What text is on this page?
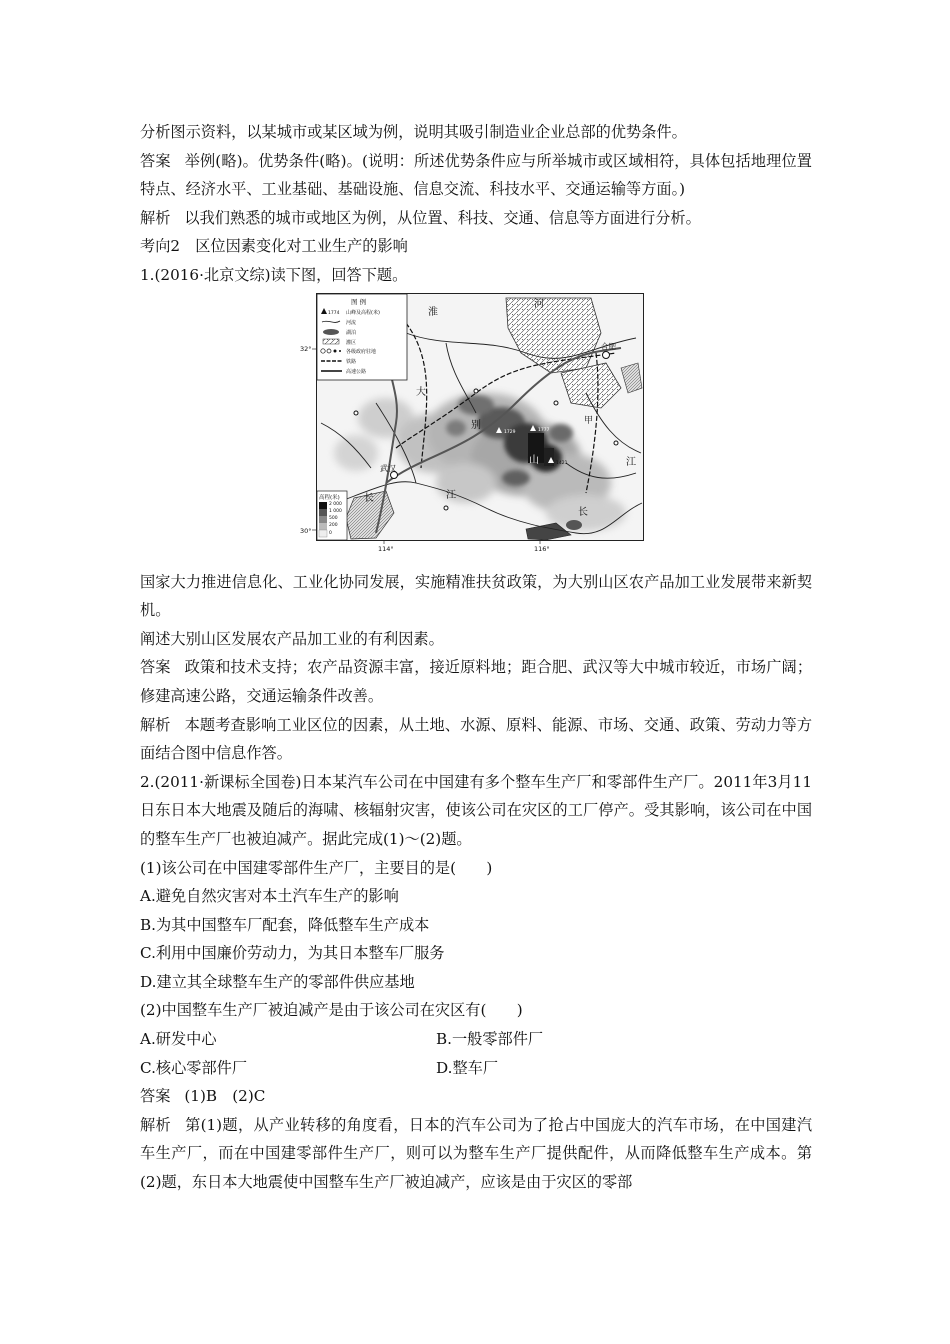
分析图示资料，以某城市或某区域为例，说明其吸引制造业企业总部的优势条件。

答案 举例(略)。优势条件(略)。(说明：所述优势条件应与所举城市或区域相符，具体包括地理位置特点、经济水平、工业基础、基础设施、信息交流、科技水平、交通运输等方面。)

解析 以我们熟悉的城市或地区为例，从位置、科技、交通、信息等方面进行分析。

考向2　区位因素变化对工业生产的影响

1.(2016·北京文综)读下图，回答下题。

图 例
1774 山峰及高程(米)
河流
湖泊
灌区
各级政府驻地
铁路
高速公路
高程(米)
2 000
1 000
500
200
0
32°
30°
114°	116°
淮
河
合肥
大
别
山
武汉
长	江
长
江
甲
1729	1777
1421

国家大力推进信息化、工业化协同发展，实施精准扶贫政策，为大别山区农产品加工业发展带来新契机。

阐述大别山区发展农产品加工业的有利因素。

答案 政策和技术支持；农产品资源丰富，接近原料地；距合肥、武汉等大中城市较近，市场广阔；修建高速公路，交通运输条件改善。

解析 本题考查影响工业区位的因素，从土地、水源、原料、能源、市场、交通、政策、劳动力等方面结合图中信息作答。

2.(2011·新课标全国卷)日本某汽车公司在中国建有多个整车生产厂和零部件生产厂。2011年3月11日东日本大地震及随后的海啸、核辐射灾害，使该公司在灾区的工厂停产。受其影响，该公司在中国的整车生产厂也被迫减产。据此完成(1)～(2)题。

(1)该公司在中国建零部件生产厂，主要目的是(　　)

A.避免自然灾害对本土汽车生产的影响

B.为其中国整车厂配套，降低整车生产成本

C.利用中国廉价劳动力，为其日本整车厂服务

D.建立其全球整车生产的零部件供应基地

(2)中国整车生产厂被迫减产是由于该公司在灾区有(　　)

A.研发中心	B.一般零部件厂

C.核心零部件厂	D.整车厂

答案 (1)B　(2)C

解析 第(1)题，从产业转移的角度看，日本的汽车公司为了抢占中国庞大的汽车市场，在中国建汽车生产厂，而在中国建零部件生产厂，则可以为整车生产厂提供配件，从而降低整车生产成本。第(2)题，东日本大地震使中国整车生产厂被迫减产，应该是由于灾区的零部
